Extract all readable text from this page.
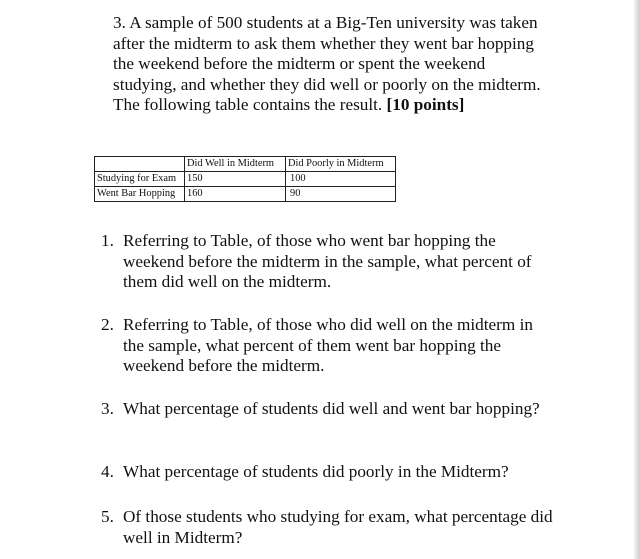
3. A sample of 500 students at a Big-Ten university was taken after the midterm to ask them whether they went bar hopping the weekend before the midterm or spent the weekend studying, and whether they did well or poorly on the midterm. The following table contains the result. [10 points]

	Did Well in Midterm	Did Poorly in Midterm
Studying for Exam	150	100
Went Bar Hopping	160	90
1. Referring to Table, of those who went bar hopping the weekend before the midterm in the sample, what percent of them did well on the midterm.
2. Referring to Table, of those who did well on the midterm in the sample, what percent of them went bar hopping the weekend before the midterm.
3. What percentage of students did well and went bar hopping?
4. What percentage of students did poorly in the Midterm?
5. Of those students who studying for exam, what percentage did well in Midterm?
